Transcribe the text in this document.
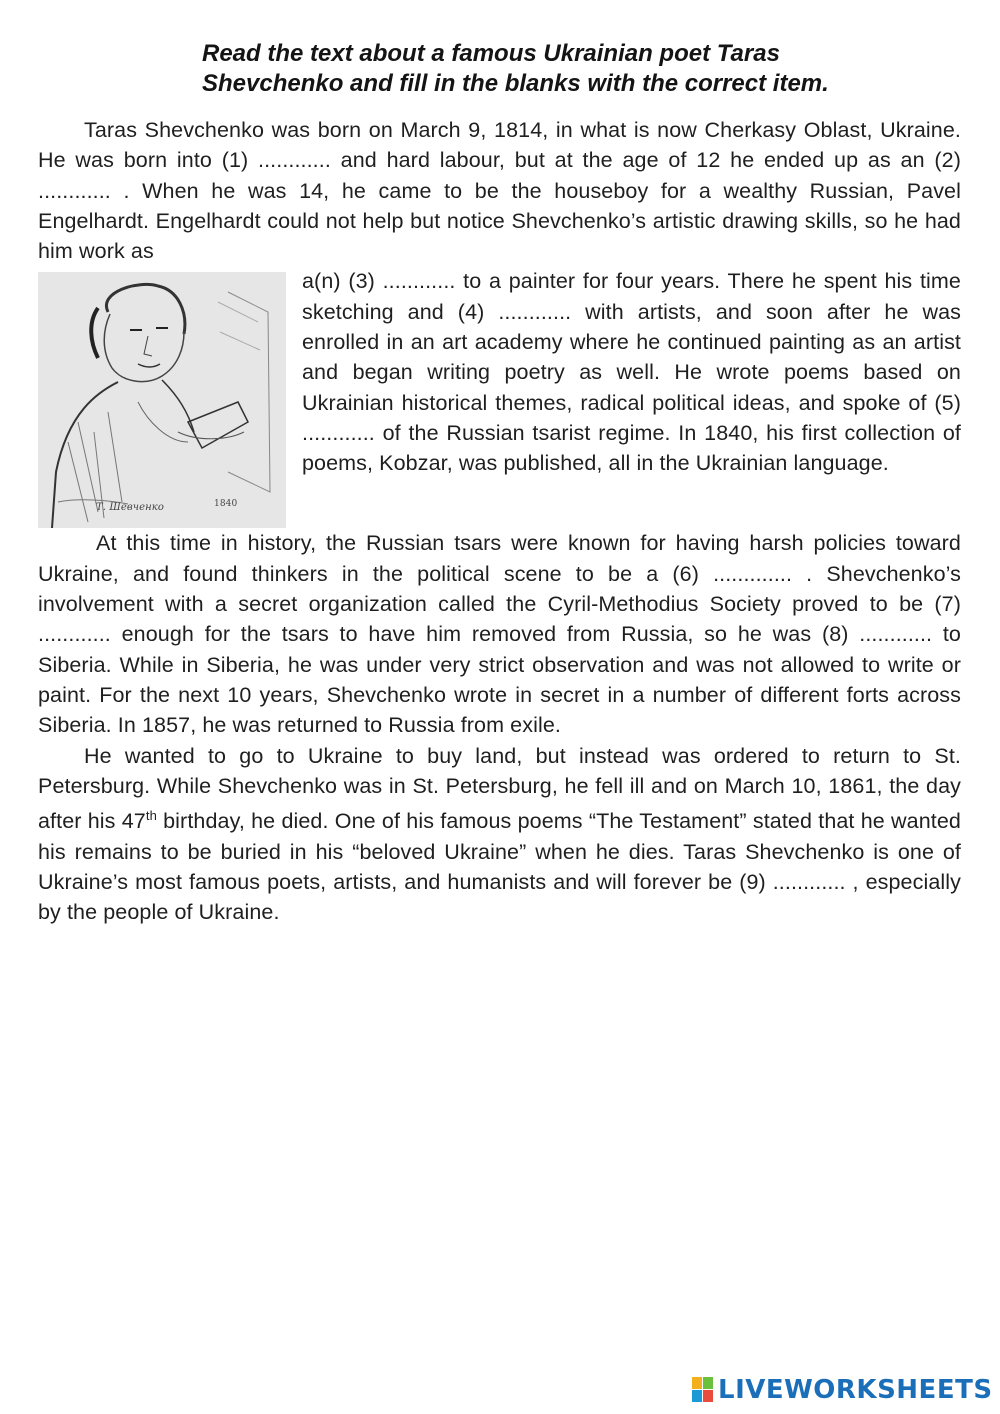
Read the text about a famous Ukrainian poet Taras
Shevchenko and fill in the blanks with the correct item.

Taras Shevchenko was born on March 9, 1814, in what is now Cherkasy Oblast, Ukraine. He was born into (1) ............ and hard labour, but at the age of 12 he ended up as an (2) ............ . When he was 14, he came to be the houseboy for a wealthy Russian, Pavel Engelhardt. Engelhardt could not help but notice Shevchenko’s artistic drawing skills, so he had him work as

Т. Шевченко	1840

a(n) (3) ............ to a painter for four years. There he spent his time sketching and (4) ............ with artists, and soon after he was enrolled in an art academy where he continued painting as an artist and began writing poetry as well. He wrote poems based on Ukrainian historical themes, radical political ideas, and spoke of (5) ............ of the Russian tsarist regime. In 1840, his first collection of poems, Kobzar, was published, all in the Ukrainian language.

At this time in history, the Russian tsars were known for having harsh policies toward Ukraine, and found thinkers in the political scene to be a (6) ............. . Shevchenko’s involvement with a secret organization called the Cyril-Methodius Society proved to be (7) ............ enough for the tsars to have him removed from Russia, so he was (8) ............ to Siberia. While in Siberia, he was under very strict observation and was not allowed to write or paint. For the next 10 years, Shevchenko wrote in secret in a number of different forts across Siberia. In 1857, he was returned to Russia from exile.

He wanted to go to Ukraine to buy land, but instead was ordered to return to St. Petersburg. While Shevchenko was in St. Petersburg, he fell ill and on March 10, 1861, the day after his 47th birthday, he died. One of his famous poems “The Testament” stated that he wanted his remains to be buried in his “beloved Ukraine” when he dies. Taras Shevchenko is one of Ukraine’s most famous poets, artists, and humanists and will forever be (9) ............ , especially by the people of Ukraine.

LIVEWORKSHEETS
